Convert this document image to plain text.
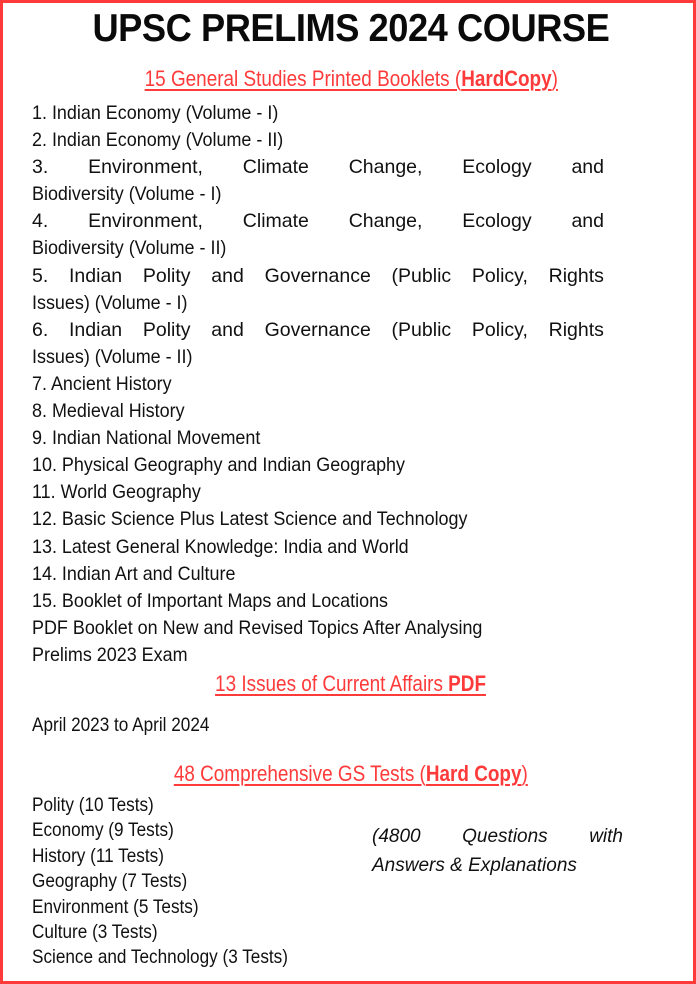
UPSC PRELIMS 2024 COURSE
15 General Studies Printed Booklets (HardCopy)
1. Indian Economy (Volume - I)
2. Indian Economy (Volume - II)
3. Environment, Climate Change, Ecology and
Biodiversity (Volume - I)
4. Environment, Climate Change, Ecology and
Biodiversity (Volume - II)
5. Indian Polity and Governance (Public Policy, Rights
Issues) (Volume - I)
6. Indian Polity and Governance (Public Policy, Rights
Issues) (Volume - II)
7. Ancient History
8. Medieval History
9. Indian National Movement
10. Physical Geography and Indian Geography
11. World Geography
12. Basic Science Plus Latest Science and Technology
13. Latest General Knowledge: India and World
14. Indian Art and Culture
15. Booklet of Important Maps and Locations
PDF Booklet on New and Revised Topics After Analysing
Prelims 2023 Exam
13 Issues of Current Affairs PDF
April 2023 to April 2024
48 Comprehensive GS Tests (Hard Copy)
Polity (10 Tests)
Economy (9 Tests)
History (11 Tests)
Geography (7 Tests)
Environment (5 Tests)
Culture (3 Tests)
Science and Technology (3 Tests)
(4800 Questions with
Answers & Explanations
